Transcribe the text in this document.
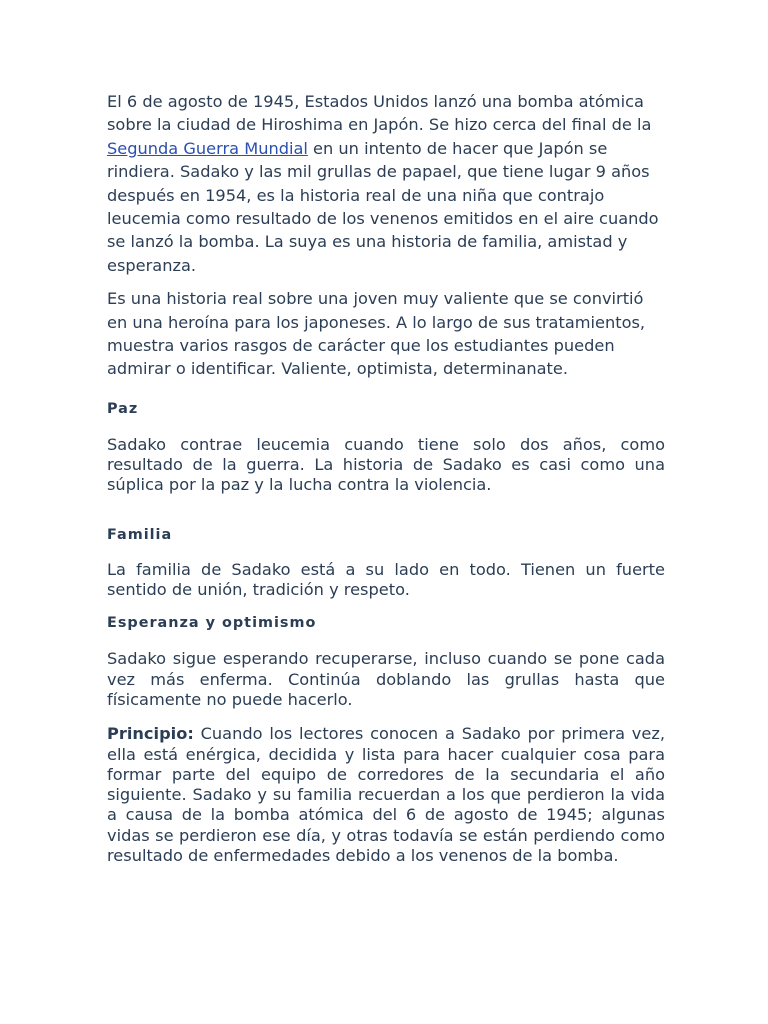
El 6 de agosto de 1945, Estados Unidos lanzó una bomba atómica sobre la ciudad de Hiroshima en Japón. Se hizo cerca del final de la Segunda Guerra Mundial en un intento de hacer que Japón se rindiera. Sadako y las mil grullas de papael, que tiene lugar 9 años después en 1954, es la historia real de una niña que contrajo leucemia como resultado de los venenos emitidos en el aire cuando se lanzó la bomba. La suya es una historia de familia, amistad y esperanza.

Es una historia real sobre una joven muy valiente que se convirtió en una heroína para los japoneses. A lo largo de sus tratamientos, muestra varios rasgos de carácter que los estudiantes pueden admirar o identificar. Valiente, optimista, determinanate.

Paz

Sadako contrae leucemia cuando tiene solo dos años, como resultado de la guerra. La historia de Sadako es casi como una súplica por la paz y la lucha contra la violencia.

Familia

La familia de Sadako está a su lado en todo. Tienen un fuerte sentido de unión, tradición y respeto.

Esperanza y optimismo

Sadako sigue esperando recuperarse, incluso cuando se pone cada vez más enferma. Continúa doblando las grullas hasta que físicamente no puede hacerlo.

Principio: Cuando los lectores conocen a Sadako por primera vez, ella está enérgica, decidida y lista para hacer cualquier cosa para formar parte del equipo de corredores de la secundaria el año siguiente. Sadako y su familia recuerdan a los que perdieron la vida a causa de la bomba atómica del 6 de agosto de 1945; algunas vidas se perdieron ese día, y otras todavía se están perdiendo como resultado de enfermedades debido a los venenos de la bomba.
